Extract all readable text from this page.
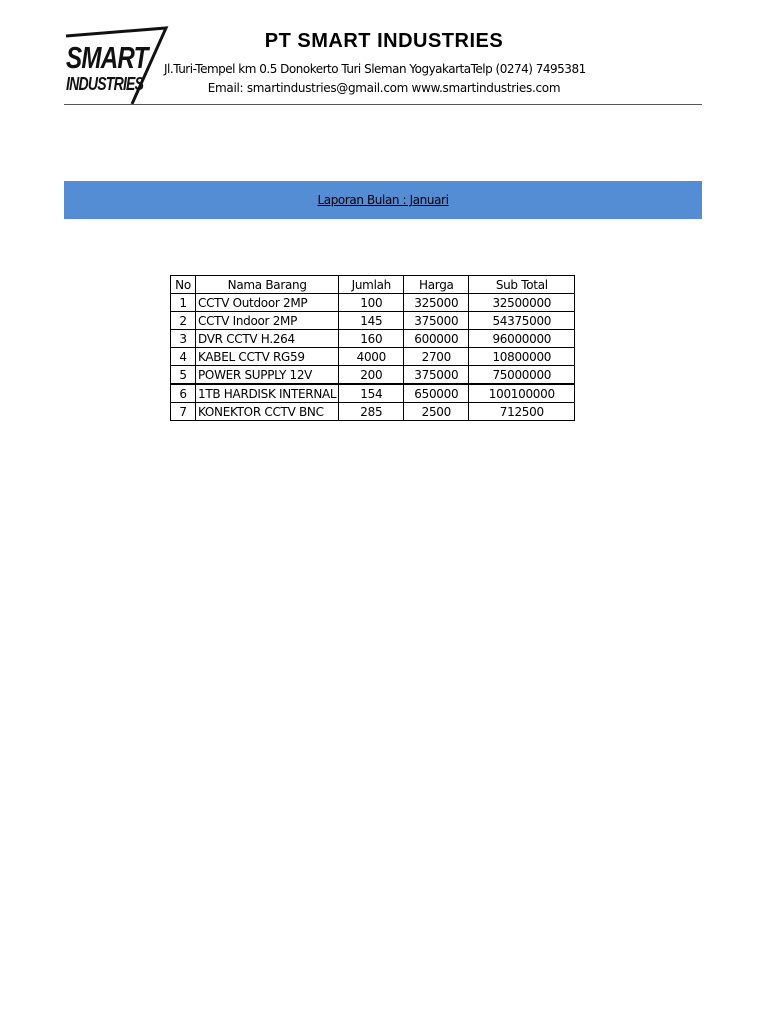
SMART
INDUSTRIES
PT SMART INDUSTRIES
Jl.Turi-Tempel km 0.5 Donokerto Turi Sleman YogyakartaTelp (0274) 7495381
Email: smartindustries@gmail.com www.smartindustries.com
Laporan Bulan : Januari
No	Nama Barang	Jumlah	Harga	Sub Total
1	CCTV Outdoor 2MP	100	325000	32500000
2	CCTV Indoor 2MP	145	375000	54375000
3	DVR CCTV H.264	160	600000	96000000
4	KABEL CCTV RG59	4000	2700	10800000
5	POWER SUPPLY 12V	200	375000	75000000
6	1TB HARDISK INTERNAL	154	650000	100100000
7	KONEKTOR CCTV BNC	285	2500	712500
